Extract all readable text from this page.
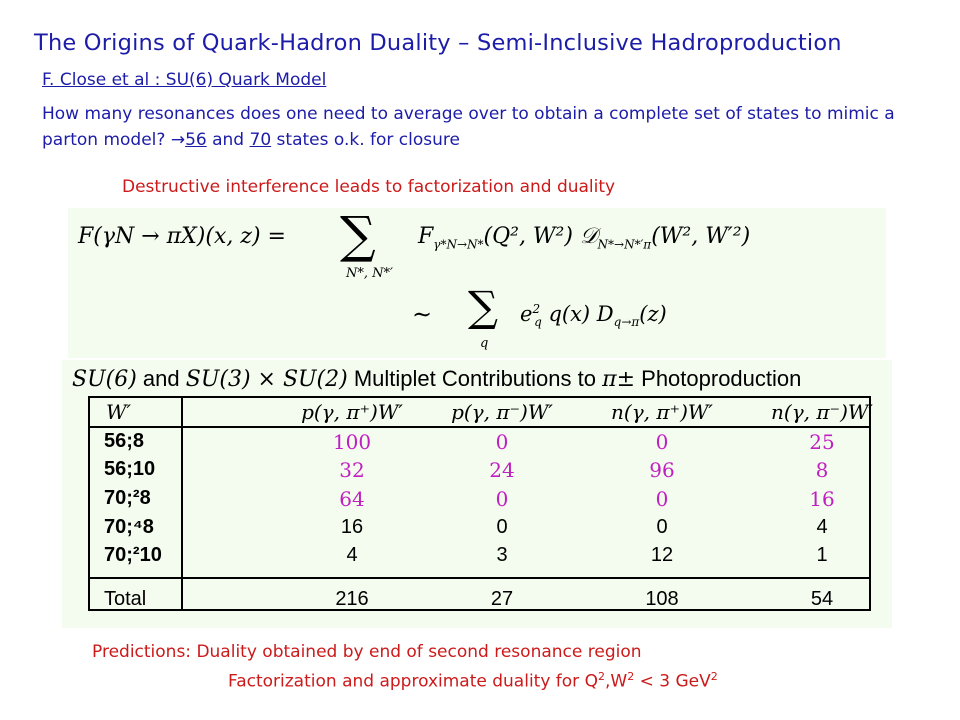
The Origins of Quark-Hadron Duality – Semi-Inclusive Hadroproduction
F. Close et al : SU(6) Quark Model
How many resonances does one need to average over to obtain a complete set of states to mimic a parton model? →56 and 70 states o.k. for closure
Destructive interference leads to factorization and duality
F(γN → πX)(x, z) = ∑
N*, N*′
$F_{\gamma*N\to N*}(Q^2$, W²) 𝒟$_{N*\to N*'\pi}$(W², W′²)
∼ ∑
q
$e^2_q$ q(x) $D_{q\to\pi}(z)$
SU(6) and SU(3) × SU(2) Multiplet Contributions to π± Photoproduction
W′	p(γ, π⁺)W′	p(γ, π⁻)W′	n(γ, π⁺)W′	n(γ, π⁻)W′
56;8	100	0	0	25
56;10	32	24	96	8
70;²8	64	0	0	16
70;⁴8	16	0	0	4
70;²10	4	3	12	1
Total	216	27	108	54
Predictions: Duality obtained by end of second resonance region
Factorization and approximate duality for $Q^2,W^2 < 3$ GeV$^2$
